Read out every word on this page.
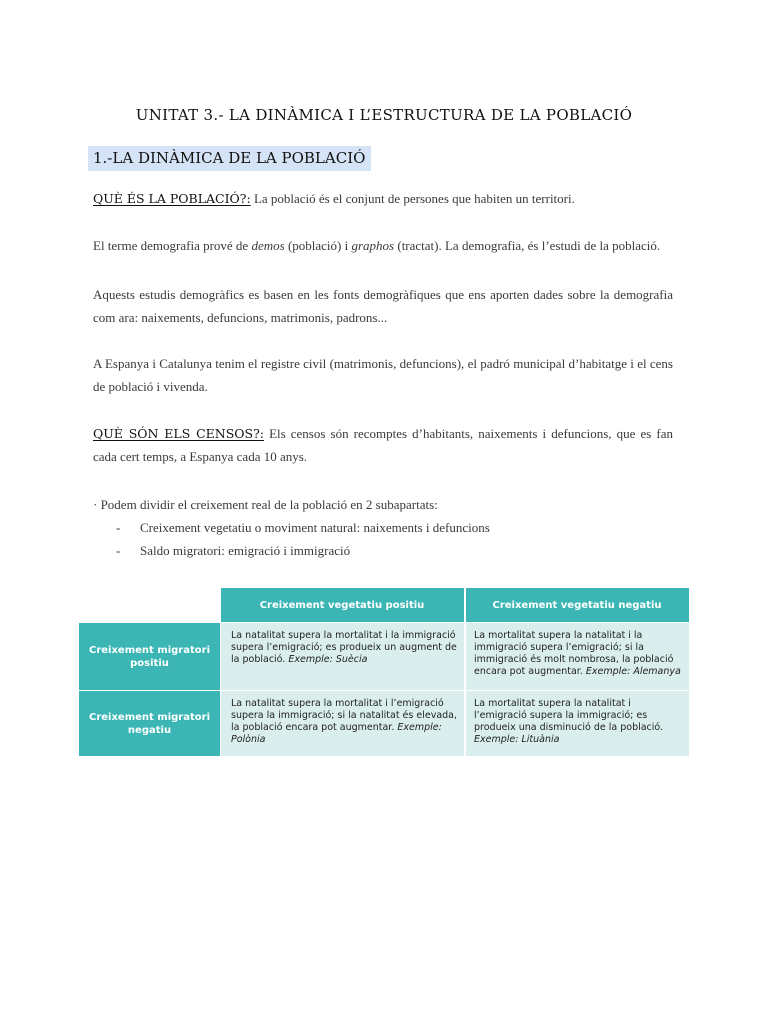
UNITAT 3.- LA DINÀMICA I L’ESTRUCTURA DE LA POBLACIÓ
1.-LA DINÀMICA DE LA POBLACIÓ

QUÈ ÉS LA POBLACIÓ?: La població és el conjunt de persones que habiten un territori.

El terme demografia prové de demos (població) i graphos (tractat). La demografia, és l’estudi de la població.

Aquests estudis demogràfics es basen en les fonts demogràfiques que ens aporten dades sobre la demografia com ara: naixements, defuncions, matrimonis, padrons...

A Espanya i Catalunya tenim el registre civil (matrimonis, defuncions), el padró municipal d’habitatge i el cens de població i vivenda.

QUÈ SÓN ELS CENSOS?: Els censos són recomptes d’habitants, naixements i defuncions, que es fan cada cert temps, a Espanya cada 10 anys.

· Podem dividir el creixement real de la població en 2 subapartats:

- Creixement vegetatiu o moviment natural: naixements i defuncions
- Saldo migratori: emigració i immigració
Creixement vegetatiu positiu	Creixement vegetatiu negatiu
Creixement migratori positiu
Creixement migratori negatiu
La natalitat supera la mortalitat i la immigració supera l’emigració; es produeix un augment de la població. Exemple: Suècia
La mortalitat supera la natalitat i la immigració supera l’emigració; si la immigració és molt nombrosa, la població encara pot augmentar. Exemple: Alemanya
La natalitat supera la mortalitat i l’emigració supera la immigració; si la natalitat és elevada, la població encara pot augmentar. Exemple: Polònia
La mortalitat supera la natalitat i l’emigració supera la immigració; es produeix una disminució de la població. Exemple: Lituània
